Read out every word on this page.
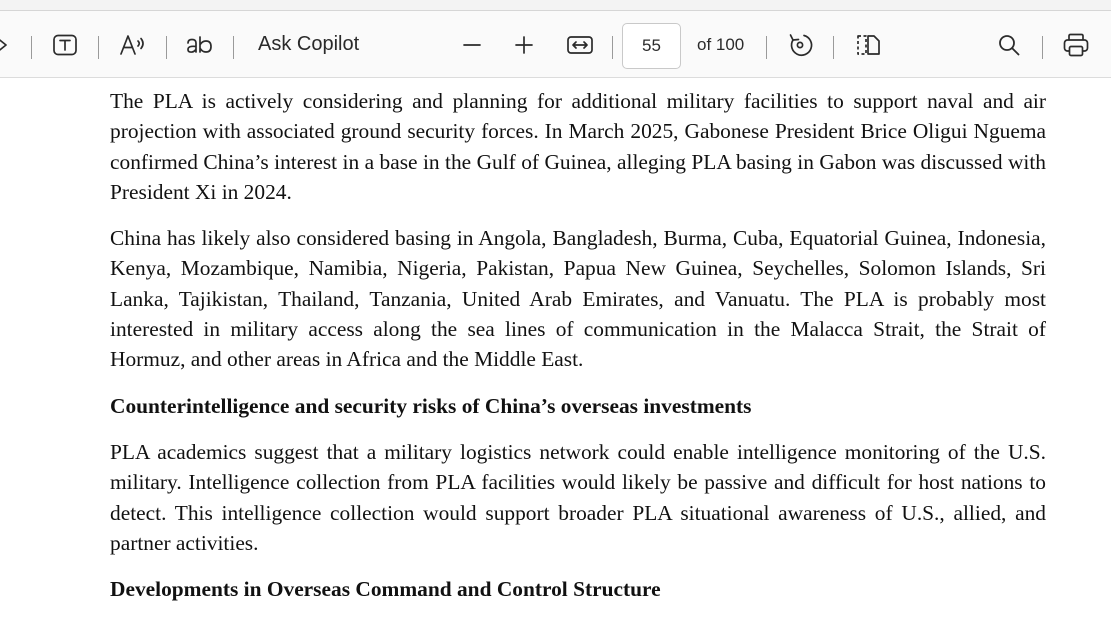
Ask Copilot	55 of 100

The PLA is actively considering and planning for additional military facilities to support naval and air projection with associated ground security forces. In March 2025, Gabonese President Brice Oligui Nguema confirmed China’s interest in a base in the Gulf of Guinea, alleging PLA basing in Gabon was discussed with President Xi in 2024.

China has likely also considered basing in Angola, Bangladesh, Burma, Cuba, Equatorial Guinea, Indonesia, Kenya, Mozambique, Namibia, Nigeria, Pakistan, Papua New Guinea, Seychelles, Solomon Islands, Sri Lanka, Tajikistan, Thailand, Tanzania, United Arab Emirates, and Vanuatu. The PLA is probably most interested in military access along the sea lines of communication in the Malacca Strait, the Strait of Hormuz, and other areas in Africa and the Middle East.

Counterintelligence and security risks of China’s overseas investments

PLA academics suggest that a military logistics network could enable intelligence monitoring of the U.S. military. Intelligence collection from PLA facilities would likely be passive and difficult for host nations to detect. This intelligence collection would support broader PLA situational awareness of U.S., allied, and partner activities.

Developments in Overseas Command and Control Structure
